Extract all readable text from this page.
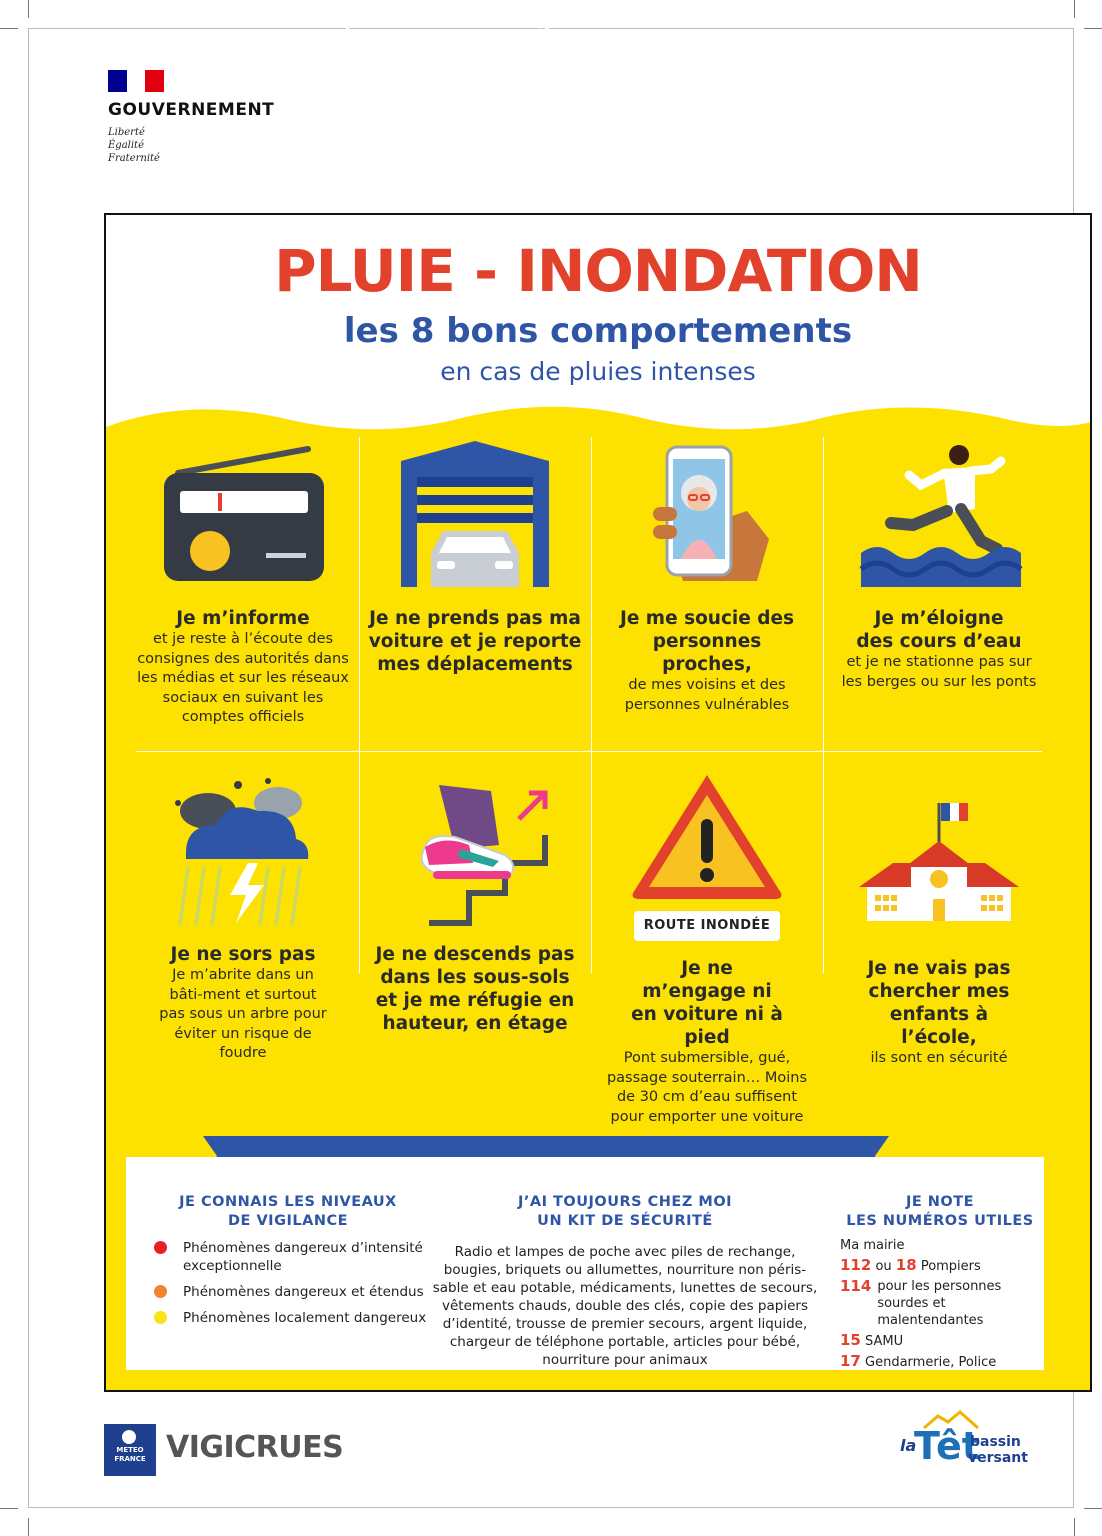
GOUVERNEMENT
Liberté
Égalité
Fraternité
PLUIE - INONDATION
les 8 bons comportements
en cas de pluies intenses
Je m’informe
et je reste à l’écoute des consignes des autorités dans les médias et sur les réseaux sociaux en suivant les comptes officiels
Je ne prends pas ma voiture et je reporte mes déplacements
Je me soucie des personnes proches,
de mes voisins et des personnes vulnérables
Je m’éloigne des cours d’eau
et je ne stationne pas sur les berges ou sur les ponts
Je ne sors pas
Je m’abrite dans un bâti-ment et surtout pas sous un arbre pour éviter un risque de foudre
Je ne descends pas dans les sous-sols et je me réfugie en hauteur, en étage
ROUTE INONDÉE
Je ne m’engage ni en voiture ni à pied
Pont submersible, gué, passage souterrain… Moins de 30 cm d’eau suffisent pour emporter une voiture
Je ne vais pas chercher mes enfants à l’école,
ils sont en sécurité
pluie-inondation.gouv.fr #PluieInondation
JE CONNAIS LES NIVEAUX
DE VIGILANCE
Phénomènes dangereux d’intensité exceptionnelle
Phénomènes dangereux et étendus
Phénomènes localement dangereux
J’AI TOUJOURS CHEZ MOI
UN KIT DE SÉCURITÉ
Radio et lampes de poche avec piles de rechange, bougies, briquets ou allumettes, nourriture non péris-sable et eau potable, médicaments, lunettes de secours, vêtements chauds, double des clés, copie des papiers d’identité, trousse de premier secours, argent liquide, chargeur de téléphone portable, articles pour bébé, nourriture pour animaux
JE NOTE
LES NUMÉROS UTILES
Ma mairie
112 ou 18 Pompiers
114 pour les personnes sourdes et malentendantes
15 SAMU
17 Gendarmerie, Police
METEO
FRANCE VIGICRUES	la
Têt
bassin
versant
